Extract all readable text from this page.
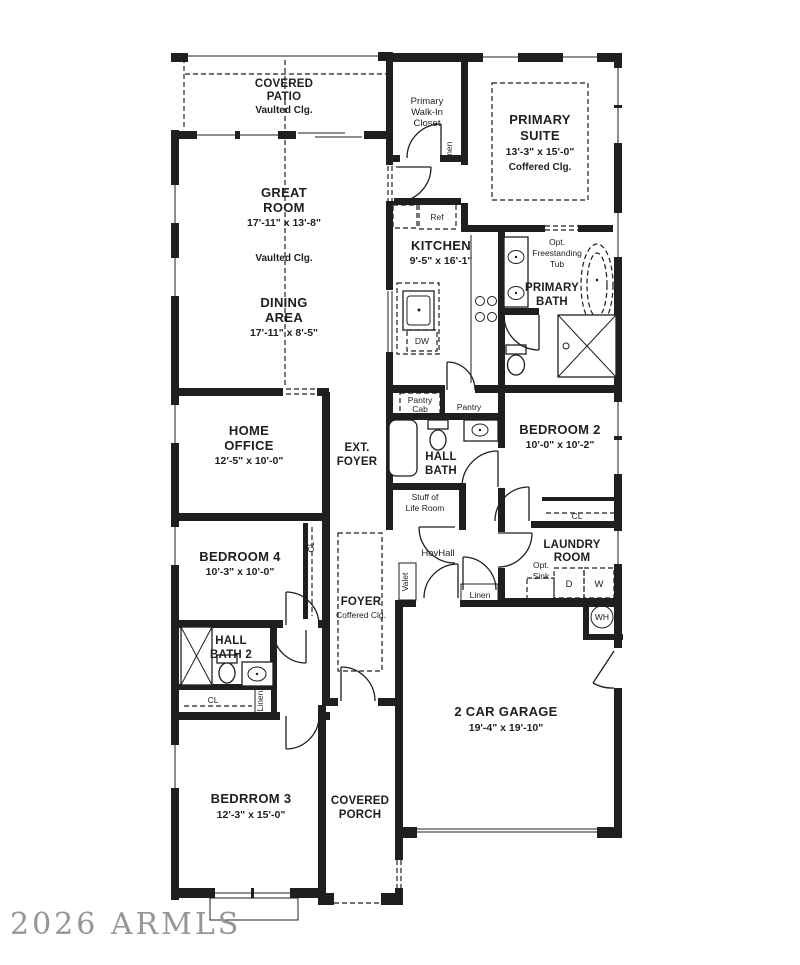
COVERED
PATIO
Vaulted Clg.
GREAT
ROOM
17'-11" x 13'-8"
Vaulted Clg.
DINING
AREA
17'-11" x 8'-5"
Primary
Walk-In
Closet	PRIMARY
SUITE
13'-3" x 15'-0"
Coffered Clg.
KITCHEN
9'-5" x 16'-1"
Opt.
Freestanding
Tub
PRIMARY
BATH
HOME
OFFICE
12'-5" x 10'-0"
EXT.
FOYER	HALL
BATH
BEDROOM 2
10'-0" x 10'-2"
Stuff of
Life Room
BEDROOM 4
10'-3" x 10'-0"
HovHall
LAUNDRY
ROOM
Opt.
Sink
FOYER
Coffered Clg.
HALL
BATH 2
BEDRROM 3
12'-3" x 15'-0"
COVERED
PORCH
2 CAR GARAGE
19'-4" x 19'-10"
Ref
DW
Pantry
Cab	Pantry
Linen
Linen
Linen
CL
CL
CL
Valet	D W
WH
2026 ARMLS
